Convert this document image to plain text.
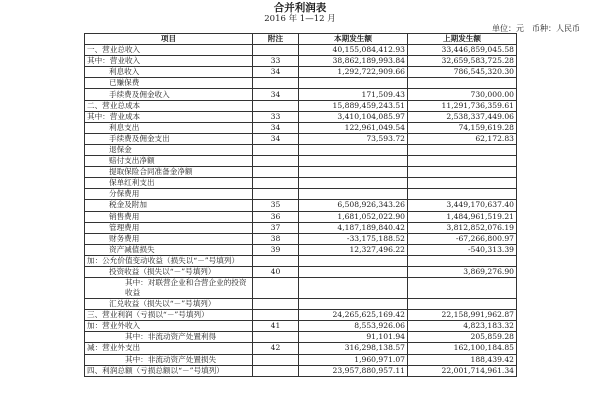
合并利润表
2016 年 1—12 月
单位：元　币种：人民币
项目	附注	本期发生额	上期发生额
一、营业总收入		40,155,084,412.93	33,446,859,045.58
其中：营业收入	33	38,862,189,993.84	32,659,583,725.28
利息收入	34	1,292,722,909.66	786,545,320.30
已赚保费			
手续费及佣金收入	34	171,509.43	730,000.00
二、营业总成本		15,889,459,243.51	11,291,736,359.61
其中：营业成本	33	3,410,104,085.97	2,538,337,449.06
利息支出	34	122,961,049.54	74,159,619.28
手续费及佣金支出	34	73,593.72	62,172.83
退保金			
赔付支出净额			
提取保险合同准备金净额			
保单红利支出			
分保费用			
税金及附加	35	6,508,926,343.26	3,449,170,637.40
销售费用	36	1,681,052,022.90	1,484,961,519.21
管理费用	37	4,187,189,840.42	3,812,852,076.19
财务费用	38	-33,175,188.52	-67,266,800.97
资产减值损失	39	12,327,496.22	-540,313.39
加：公允价值变动收益（损失以“－”号填列）			
投资收益（损失以“－”号填列）	40		3,869,276.90
其中：对联营企业和合营企业的投资收益			
汇兑收益（损失以“－”号填列）			
三、营业利润（亏损以“－”号填列）		24,265,625,169.42	22,158,991,962.87
加：营业外收入	41	8,553,926.06	4,823,183.32
其中：非流动资产处置利得		91,101.94	205,859.28
减：营业外支出	42	316,298,138.57	162,100,184.85
其中：非流动资产处置损失		1,960,971.07	188,439.42
四、利润总额（亏损总额以“－”号填列）		23,957,880,957.11	22,001,714,961.34
